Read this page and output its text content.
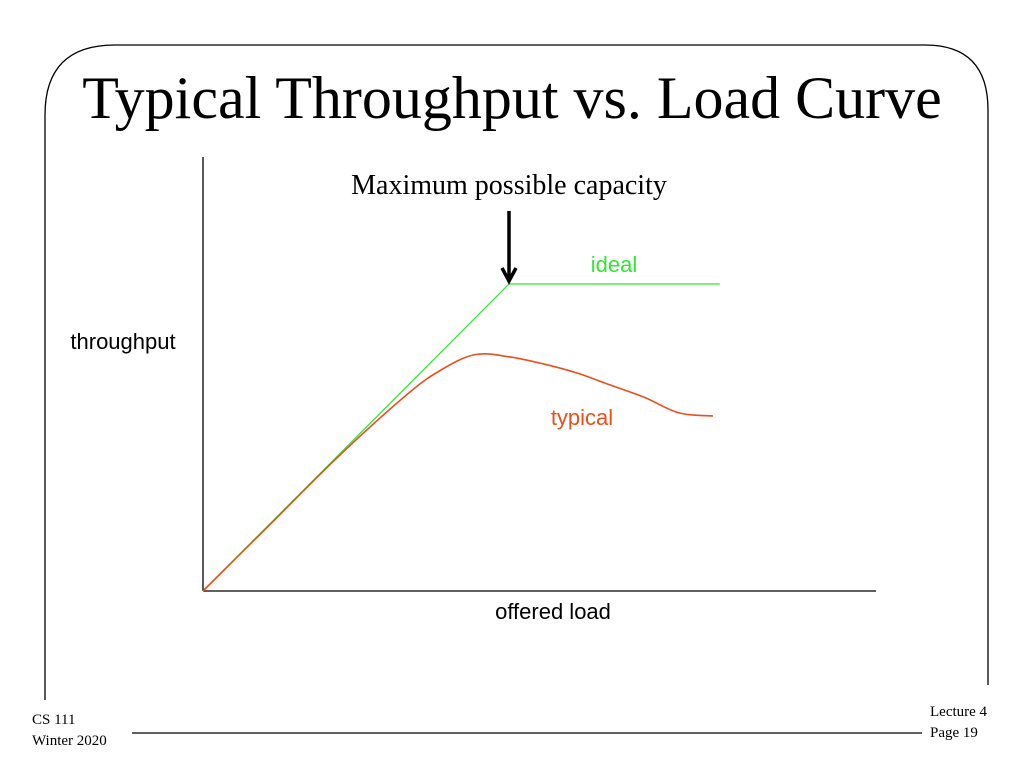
Typical Throughput vs. Load Curve
throughput
offered load
ideal
typical
Maximum possible capacity
CS 111
Winter 2020
Lecture 4
Page 19
